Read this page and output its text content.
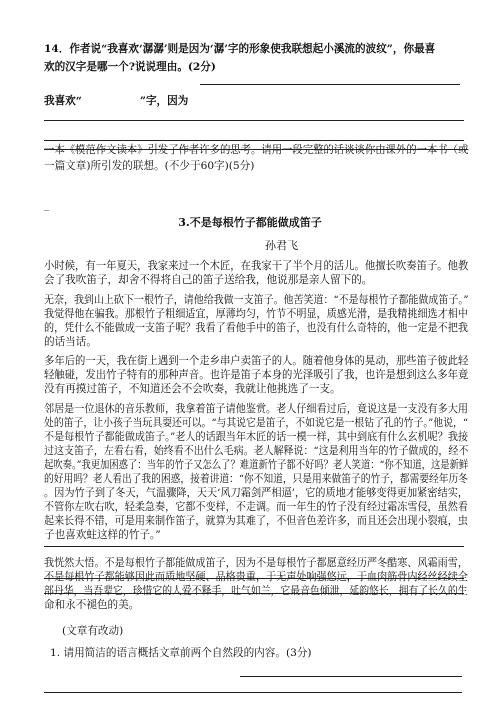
14．作者说“我喜欢‘潺潺’则是因为‘潺’字的形象使我联想起小溪流的波纹”，你最喜
欢的汉字是哪一个?说说理由。(2分)
我喜欢“	”字，因为
一本《模范作文读本》引发了作者许多的思考。请用一段完整的话谈谈你由课外的一本书（或
一篇文章)所引发的联想。(不少于60字)(5分)
_
3.不是每根竹子都能做成笛子
孙君飞
小时候，有一年夏天，我家来过一个木匠，在我家干了半个月的活儿。他擅长吹奏笛子。他教
会了我吹笛子，却舍不得将自己的笛子送给我，他说那是亲人留下的。
无奈，我到山上砍下一根竹子，请他给我做一支笛子。他苦笑道：“不是每根竹子都能做成笛子。”
我觉得他在骗我。那根竹子粗细适宜，厚薄均匀，竹节不明显，质感光滑，是我精挑细选才相中
的，凭什么不能做成一支笛子呢？我看了看他手中的笛子，也没有什么奇特的，他一定是不把我
的话当话。
多年后的一天，我在街上遇到一个走乡串户卖笛子的人。随着他身体的晃动，那些笛子彼此轻
轻触碰，发出竹子特有的那种声音。也许是笛子本身的光泽吸引了我，也许是想到这么多年竟
没有再摸过笛子，不知道还会不会吹奏，我就让他挑选了一支。
邻居是一位退休的音乐教师，我拿着笛子请他鉴赏。老人仔细看过后，竟说这是一支没有多大用
处的笛子，让小孩子当玩具耍还可以。“与其说它是笛子，不如说它是一根钻了孔的竹子。”他说，“
不是每根竹子都能做成笛子。”老人的话跟当年木匠的话一模一样，其中到底有什么玄机呢？我接
过这支笛子，左看右看，始终看不出什么毛病。老人解释说：“这是利用当年的竹子做成的，经不
起吹奏。”我更加困惑了：当年的竹子又怎么了？难道新竹子都不好吗？老人笑道：“你不知道，这是新鲜
的好用吗？老人看出了我的困惑，接着讲道：“你不知道，只是用来做笛子的竹子，都需要经年历冬
。因为竹子到了冬天，气温骤降，天天‘风刀霜剑严相逼’，它的质地才能够变得更加紧密结实，
不管你左吹右吹，轻柔急奏，它都不变样，不走调。而一年生的竹子没有经过霜冻雪侵，虽然看
起来长得不错，可是用来制作笛子，就算为其难了，不但音色差许多，而且还会出现小裂痕，虫
子也喜欢蛀这样的竹子。”
我恍然大悟。不是每根竹子都能做成笛子，因为不是每根竹子都愿意经历严冬酷寒、风霜雨雪，
不是每根竹子都能够因此而质地坚硬、品格贵重，于无声处响强悠远，于血肉筋骨内经丝经续全
部丹华，当吾辈它，珍惜它的人爱不释手，吐气如兰，它最音色倾泄，延韵悠长，拥有了长久的生
命和永不褪色的美。
(文章有改动)
1. 请用简洁的语言概括文章前两个自然段的内容。(3分)
